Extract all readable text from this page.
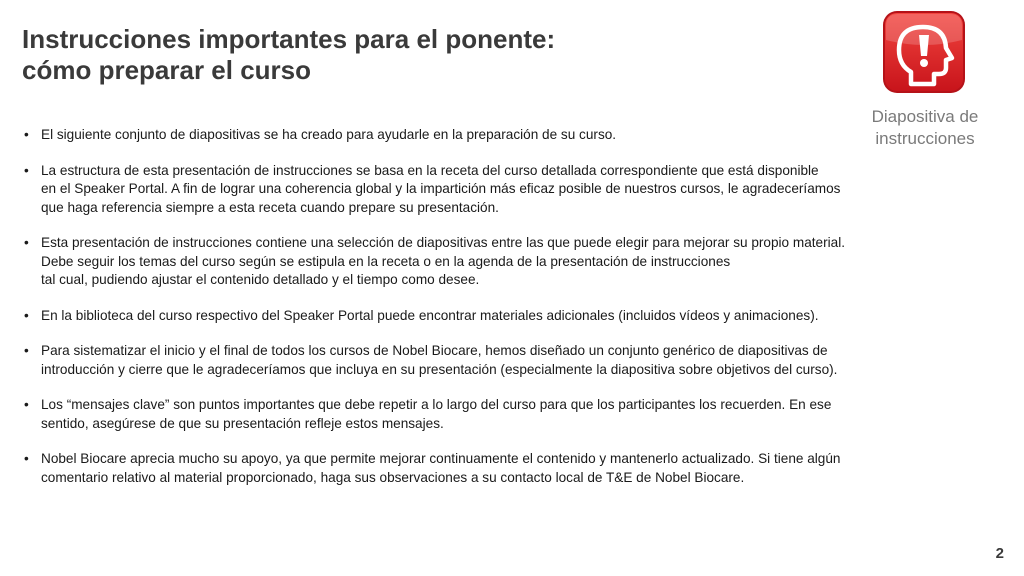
Instrucciones importantes para el ponente:
cómo preparar el curso
Diapositiva de
instrucciones
• El siguiente conjunto de diapositivas se ha creado para ayudarle en la preparación de su curso.
• La estructura de esta presentación de instrucciones se basa en la receta del curso detallada correspondiente que está disponible
en el Speaker Portal. A fin de lograr una coherencia global y la impartición más eficaz posible de nuestros cursos, le agradeceríamos
que haga referencia siempre a esta receta cuando prepare su presentación.
• Esta presentación de instrucciones contiene una selección de diapositivas entre las que puede elegir para mejorar su propio material.
Debe seguir los temas del curso según se estipula en la receta o en la agenda de la presentación de instrucciones
tal cual, pudiendo ajustar el contenido detallado y el tiempo como desee.
• En la biblioteca del curso respectivo del Speaker Portal puede encontrar materiales adicionales (incluidos vídeos y animaciones).
• Para sistematizar el inicio y el final de todos los cursos de Nobel Biocare, hemos diseñado un conjunto genérico de diapositivas de
introducción y cierre que le agradeceríamos que incluya en su presentación (especialmente la diapositiva sobre objetivos del curso).
• Los “mensajes clave” son puntos importantes que debe repetir a lo largo del curso para que los participantes los recuerden. En ese
sentido, asegúrese de que su presentación refleje estos mensajes.
• Nobel Biocare aprecia mucho su apoyo, ya que permite mejorar continuamente el contenido y mantenerlo actualizado. Si tiene algún
comentario relativo al material proporcionado, haga sus observaciones a su contacto local de T&E de Nobel Biocare.
2
